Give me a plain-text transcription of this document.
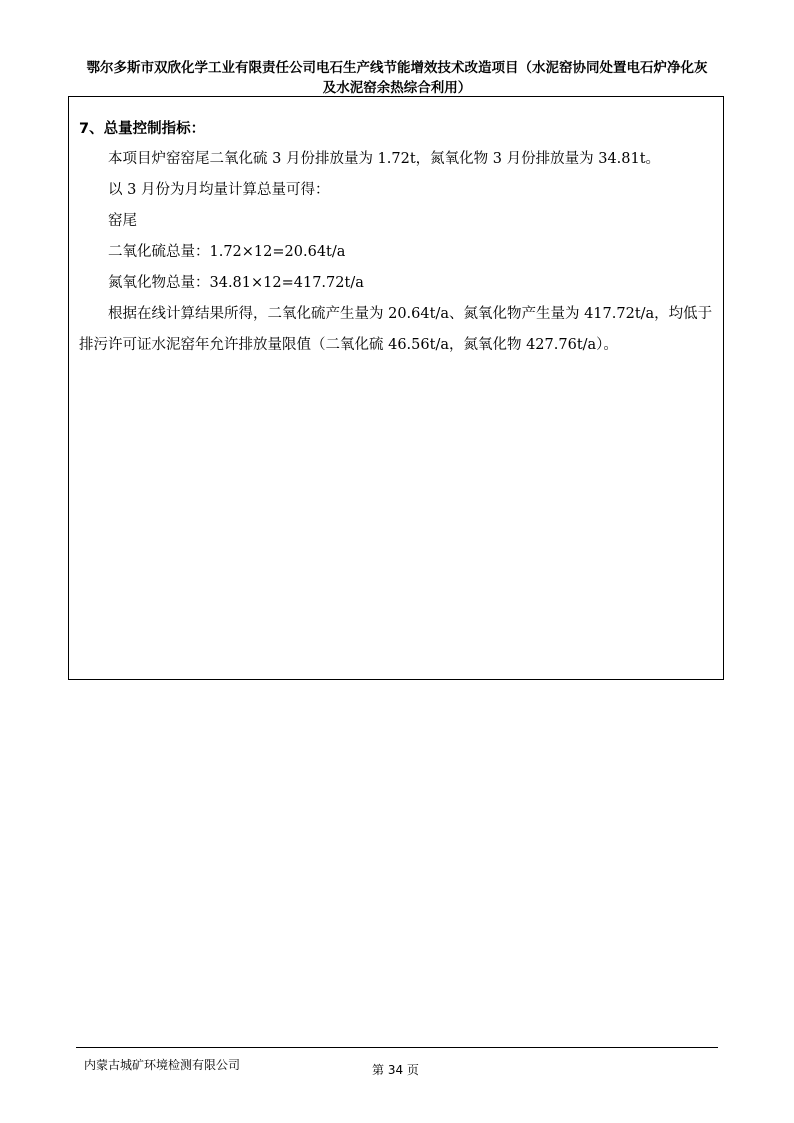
鄂尔多斯市双欣化学工业有限责任公司电石生产线节能增效技术改造项目（水泥窑协同处置电石炉净化灰
及水泥窑余热综合利用）
7、总量控制指标：
本项目炉窑窑尾二氧化硫 3 月份排放量为 1.72t，氮氧化物 3 月份排放量为 34.81t。
以 3 月份为月均量计算总量可得：
窑尾
二氧化硫总量：1.72×12=20.64t/a
氮氧化物总量：34.81×12=417.72t/a
根据在线计算结果所得，二氧化硫产生量为 20.64t/a、氮氧化物产生量为 417.72t/a，均低于排污许可证水泥窑年允许排放量限值（二氧化硫 46.56t/a，氮氧化物 427.76t/a）。
内蒙古城矿环境检测有限公司	第 34 页
